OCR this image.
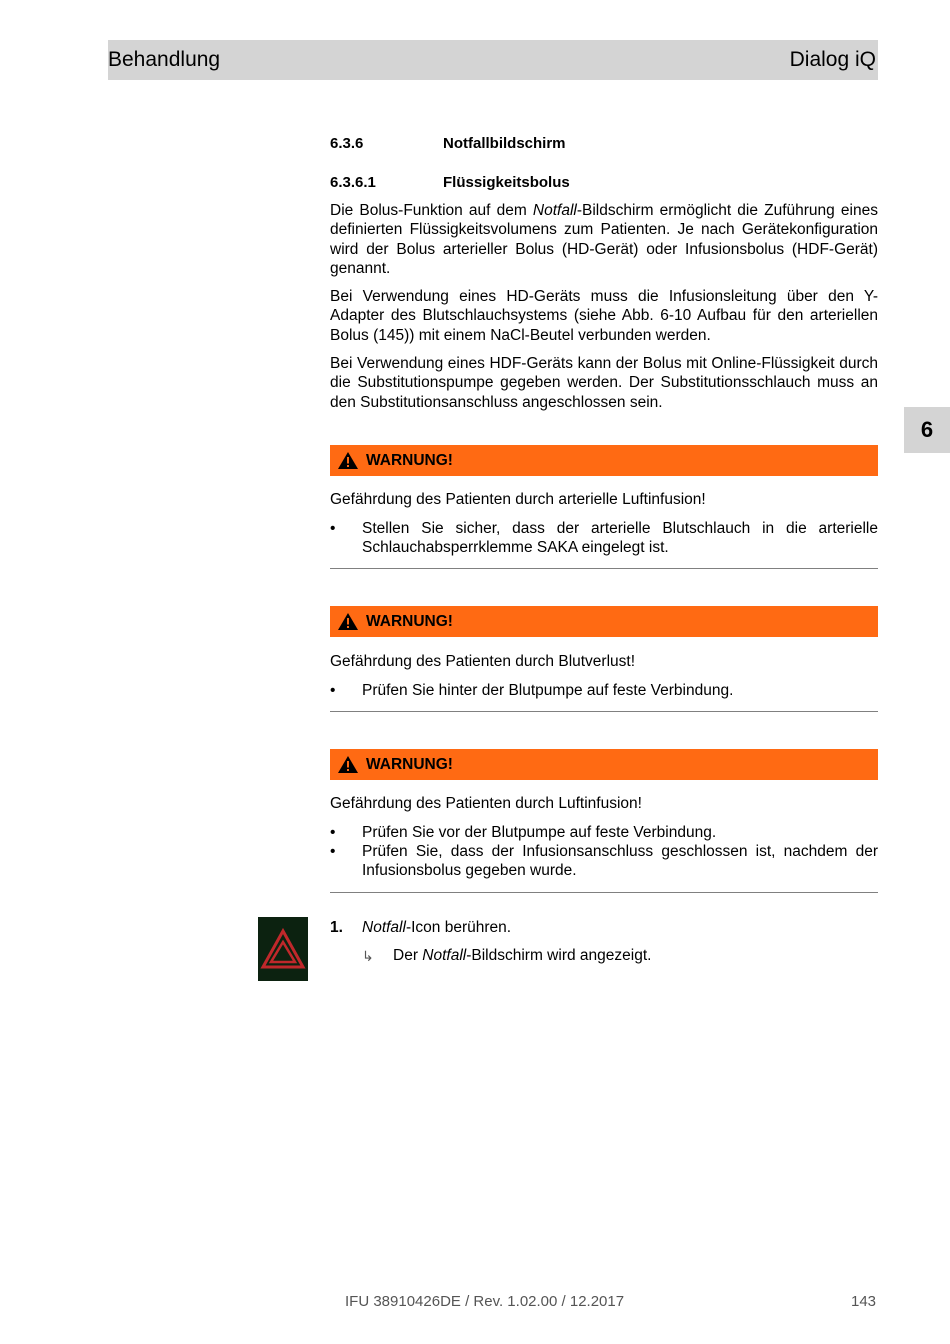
Behandlung	Dialog iQ
6
6.3.6	Notfallbildschirm
6.3.6.1	Flüssigkeitsbolus
Die Bolus-Funktion auf dem Notfall-Bildschirm ermöglicht die Zuführung eines definierten Flüssigkeitsvolumens zum Patienten. Je nach Gerätekonfiguration wird der Bolus arterieller Bolus (HD-Gerät) oder Infusionsbolus (HDF-Gerät) genannt.
Bei Verwendung eines HD-Geräts muss die Infusionsleitung über den Y-Adapter des Blutschlauchsystems (siehe Abb. 6-10 Aufbau für den arteriellen Bolus (145)) mit einem NaCl-Beutel verbunden werden.
Bei Verwendung eines HDF-Geräts kann der Bolus mit Online-Flüssigkeit durch die Substitutionspumpe gegeben werden. Der Substitutionsschlauch muss an den Substitutionsanschluss angeschlossen sein.
WARNUNG!
Gefährdung des Patienten durch arterielle Luftinfusion!
• Stellen Sie sicher, dass der arterielle Blutschlauch in die arterielle Schlauchabsperrklemme SAKA eingelegt ist.
WARNUNG!
Gefährdung des Patienten durch Blutverlust!
• Prüfen Sie hinter der Blutpumpe auf feste Verbindung.
WARNUNG!
Gefährdung des Patienten durch Luftinfusion!
• Prüfen Sie vor der Blutpumpe auf feste Verbindung.
• Prüfen Sie, dass der Infusionsanschluss geschlossen ist, nachdem der Infusionsbolus gegeben wurde.
1. Notfall-Icon berühren.
↳ Der Notfall-Bildschirm wird angezeigt.
IFU 38910426DE / Rev. 1.02.00 / 12.2017	143
